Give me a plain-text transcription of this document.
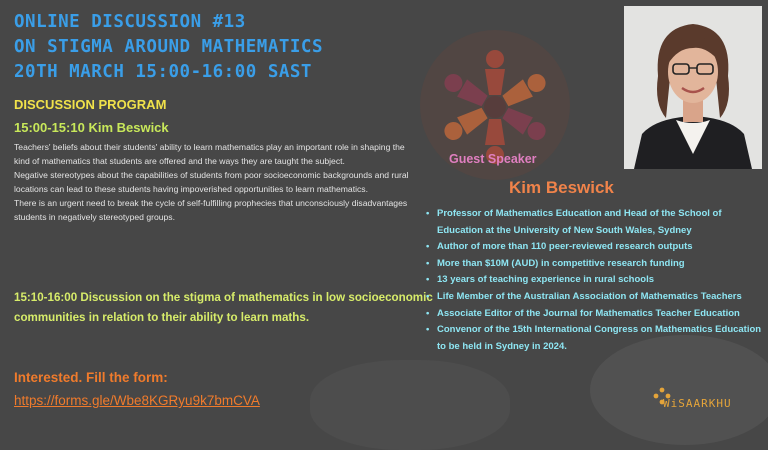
ONLINE DISCUSSION #13
ON STIGMA AROUND MATHEMATICS
20TH MARCH 15:00-16:00 SAST
DISCUSSION PROGRAM
15:00-15:10 Kim Beswick

Teachers' beliefs about their students' ability to learn mathematics play an important role in shaping the kind of mathematics that students are offered and the ways they are taught the subject.

Negative stereotypes about the capabilities of students from poor socioeconomic backgrounds and rural locations can lead to these students having impoverished opportunities to learn mathematics.

There is an urgent need to break the cycle of self-fulfilling prophecies that unconsciously disadvantages students in negatively stereotyped groups.

15:10-16:00 Discussion on the stigma of mathematics in low socioeconomic communities in relation to their ability to learn maths.

Interested. Fill the form:

https://forms.gle/Wbe8KGRyu9k7bmCVA

Guest Speaker

Kim Beswick
• Professor of Mathematics Education and Head of the School of Education at the University of New South Wales, Sydney
• Author of more than 110 peer-reviewed research outputs
• More than $10M (AUD) in competitive research funding
• 13 years of teaching experience in rural schools
• Life Member of the Australian Association of Mathematics Teachers
• Associate Editor of the Journal for Mathematics Teacher Education
• Convenor of the 15th International Congress on Mathematics Education to be held in Sydney in 2024.

WiSAARKHU
